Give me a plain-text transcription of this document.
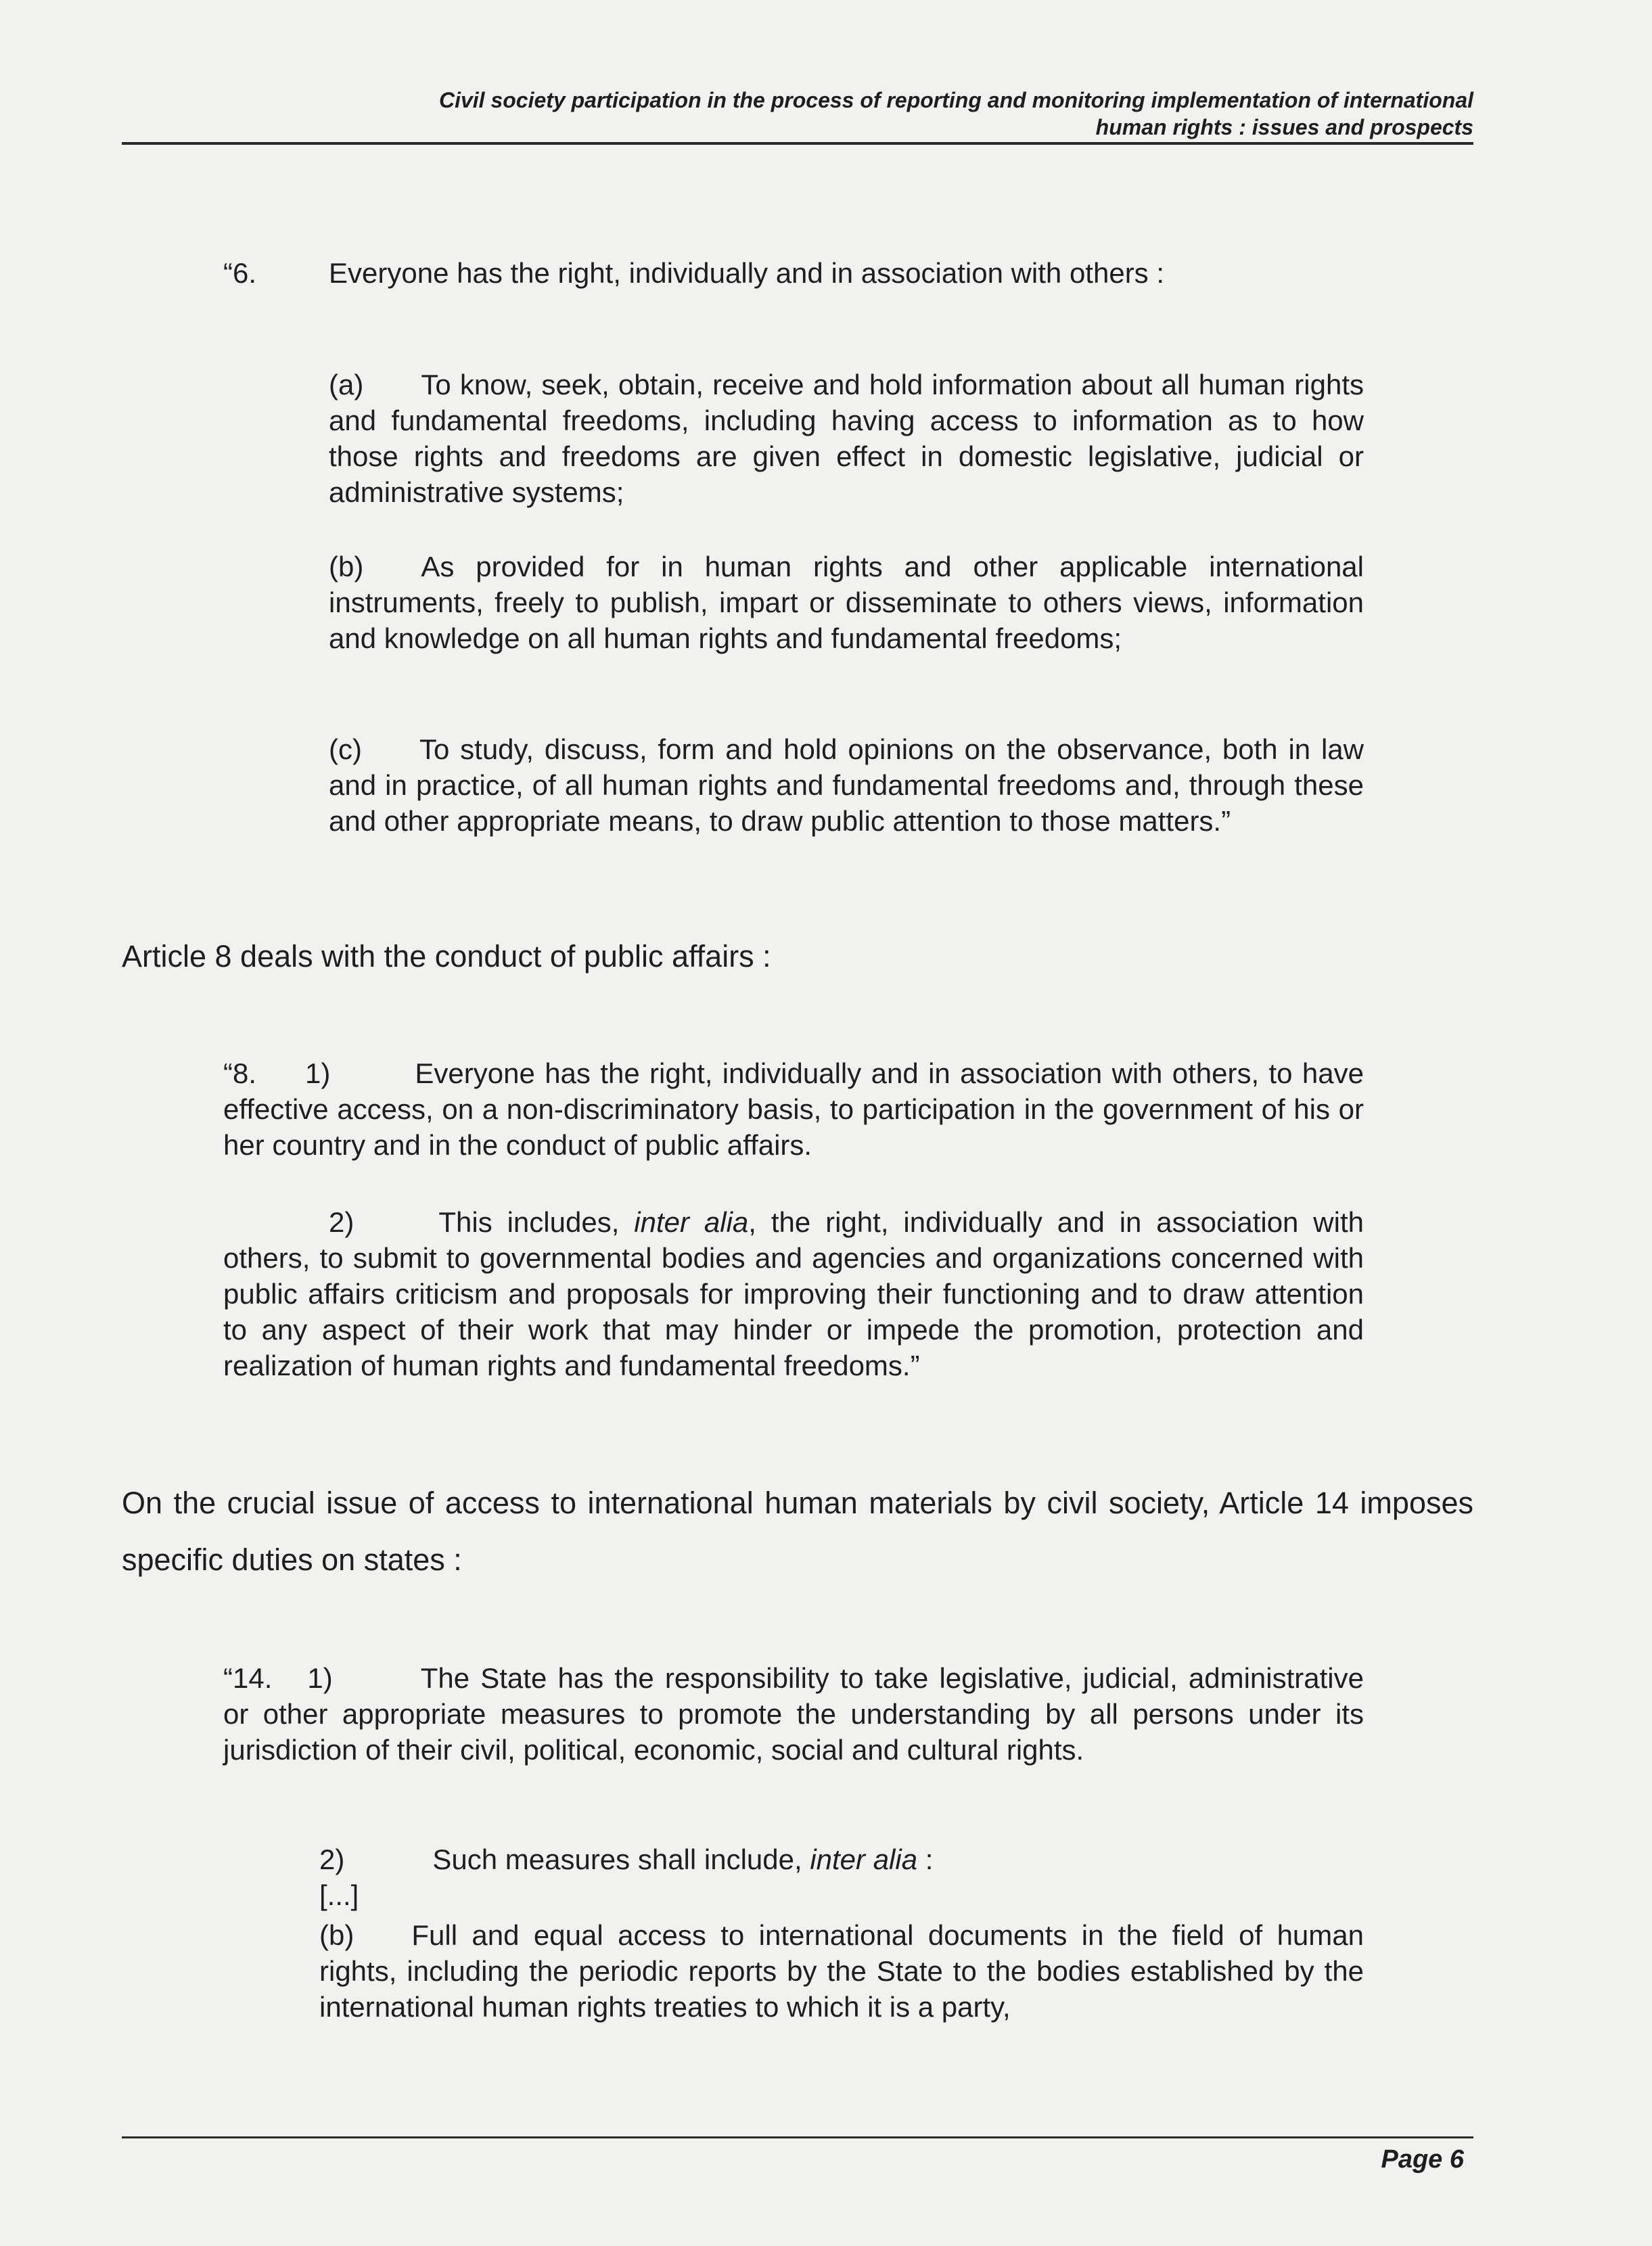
Civil society participation in the process of reporting and monitoring implementation of international
human rights : issues and prospects
“6.	Everyone has the right, individually and in association with others :
(a) To know, seek, obtain, receive and hold information about all human rights and fundamental freedoms, including having access to information as to how those rights and freedoms are given effect in domestic legislative, judicial or administrative systems;
(b) As provided for in human rights and other applicable international instruments, freely to publish, impart or disseminate to others views, information and knowledge on all human rights and fundamental freedoms;
(c) To study, discuss, form and hold opinions on the observance, both in law and in practice, of all human rights and fundamental freedoms and, through these and other appropriate means, to draw public attention to those matters.”
Article 8 deals with the conduct of public affairs :
“8. 1)	Everyone has the right, individually and in association with others, to have effective access, on a non-discriminatory basis, to participation in the government of his or her country and in the conduct of public affairs.
2)	This includes, inter alia, the right, individually and in association with others, to submit to governmental bodies and agencies and organizations concerned with public affairs criticism and proposals for improving their functioning and to draw attention to any aspect of their work that may hinder or impede the promotion, protection and realization of human rights and fundamental freedoms.”
On the crucial issue of access to international human materials by civil society, Article 14 imposes specific duties on states :
“14. 1)	The State has the responsibility to take legislative, judicial, administrative or other appropriate measures to promote the understanding by all persons under its jurisdiction of their civil, political, economic, social and cultural rights.
2)	Such measures shall include, inter alia :
[...]
(b) Full and equal access to international documents in the field of human rights, including the periodic reports by the State to the bodies established by the international human rights treaties to which it is a party,
Page 6
